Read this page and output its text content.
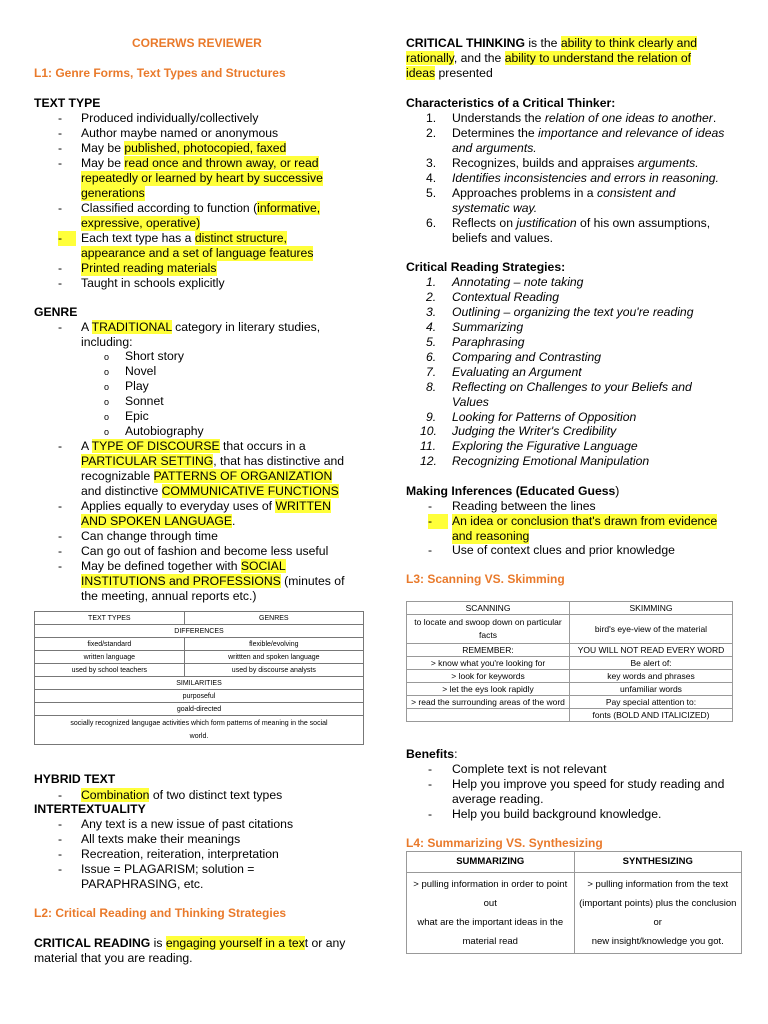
CORERWS REVIEWER
L1: Genre Forms, Text Types and Structures
TEXT TYPE
- Produced individually/collectively
- Author maybe named or anonymous
- May be published, photocopied, faxed
- May be read once and thrown away, or read
repeatedly or learned by heart by successive
generations
- Classified according to function (informative,
expressive, operative)
-	Each text type has a distinct structure,
appearance and a set of language features
- Printed reading materials
- Taught in schools explicitly
GENRE
- A TRADITIONAL category in literary studies,
including:
o Short story
o Novel
o Play
o Sonnet
o Epic
o Autobiography
- A TYPE OF DISCOURSE that occurs in a
PARTICULAR SETTING, that has distinctive and
recognizable PATTERNS OF ORGANIZATION
and distinctive COMMUNICATIVE FUNCTIONS
- Applies equally to everyday uses of WRITTEN
AND SPOKEN LANGUAGE.
- Can change through time
- Can go out of fashion and become less useful
- May be defined together with SOCIAL
INSTITUTIONS and PROFESSIONS (minutes of
the meeting, annual reports etc.)
TEXT TYPES	GENRES
DIFFERENCES	
fixed/standard	flexible/evolving
written language	writtten and spoken language
used by school teachers	used by discourse analysts
SIMILARITIES	
purposeful	
goald-directed	
socially recognized langugae activities which form patterns of meaning in the social
world.	
HYBRID TEXT
- Combination of two distinct text types
INTERTEXTUALITY
- Any text is a new issue of past citations
- All texts make their meanings
- Recreation, reiteration, interpretation
- Issue = PLAGARISM; solution =
PARAPHRASING, etc.
L2: Critical Reading and Thinking Strategies
CRITICAL READING is engaging yourself in a text or any
material that you are reading.
CRITICAL THINKING is the ability to think clearly and
rationally, and the ability to understand the relation of
ideas presented
Characteristics of a Critical Thinker:
1. Understands the relation of one ideas to another.
2. Determines the importance and relevance of ideas
and arguments.
3. Recognizes, builds and appraises arguments.
4. Identifies inconsistencies and errors in reasoning.
5. Approaches problems in a consistent and
systematic way.
6. Reflects on justification of his own assumptions,
beliefs and values.
Critical Reading Strategies:
1. Annotating – note taking
2. Contextual Reading
3. Outlining – organizing the text you're reading
4. Summarizing
5. Paraphrasing
6. Comparing and Contrasting
7. Evaluating an Argument
8. Reflecting on Challenges to your Beliefs and
Values
9. Looking for Patterns of Opposition
10. Judging the Writer's Credibility
11. Exploring the Figurative Language
12. Recognizing Emotional Manipulation
Making Inferences (Educated Guess)
- Reading between the lines
-	An idea or conclusion that's drawn from evidence
and reasoning
- Use of context clues and prior knowledge
L3: Scanning VS. Skimming
SCANNING	SKIMMING
to locate and swoop down on particular
facts	bird's eye-view of the material
REMEMBER:	YOU WILL NOT READ EVERY WORD
> know what you're looking for	Be alert of:
> look for keywords	key words and phrases
> let the eys look rapidly	unfamiliar words
> read the surrounding areas of the word	Pay special attention to:
	fonts (BOLD AND ITALICIZED)
Benefits:
- Complete text is not relevant
- Help you improve you speed for study reading and
average reading.
- Help you build background knowledge.
L4: Summarizing VS. Synthesizing
SUMMARIZING	SYNTHESIZING
> pulling information in order to point out
what are the important ideas in the
material read	> pulling information from the text
(important points) plus the conclusion or
new insight/knowledge you got.
